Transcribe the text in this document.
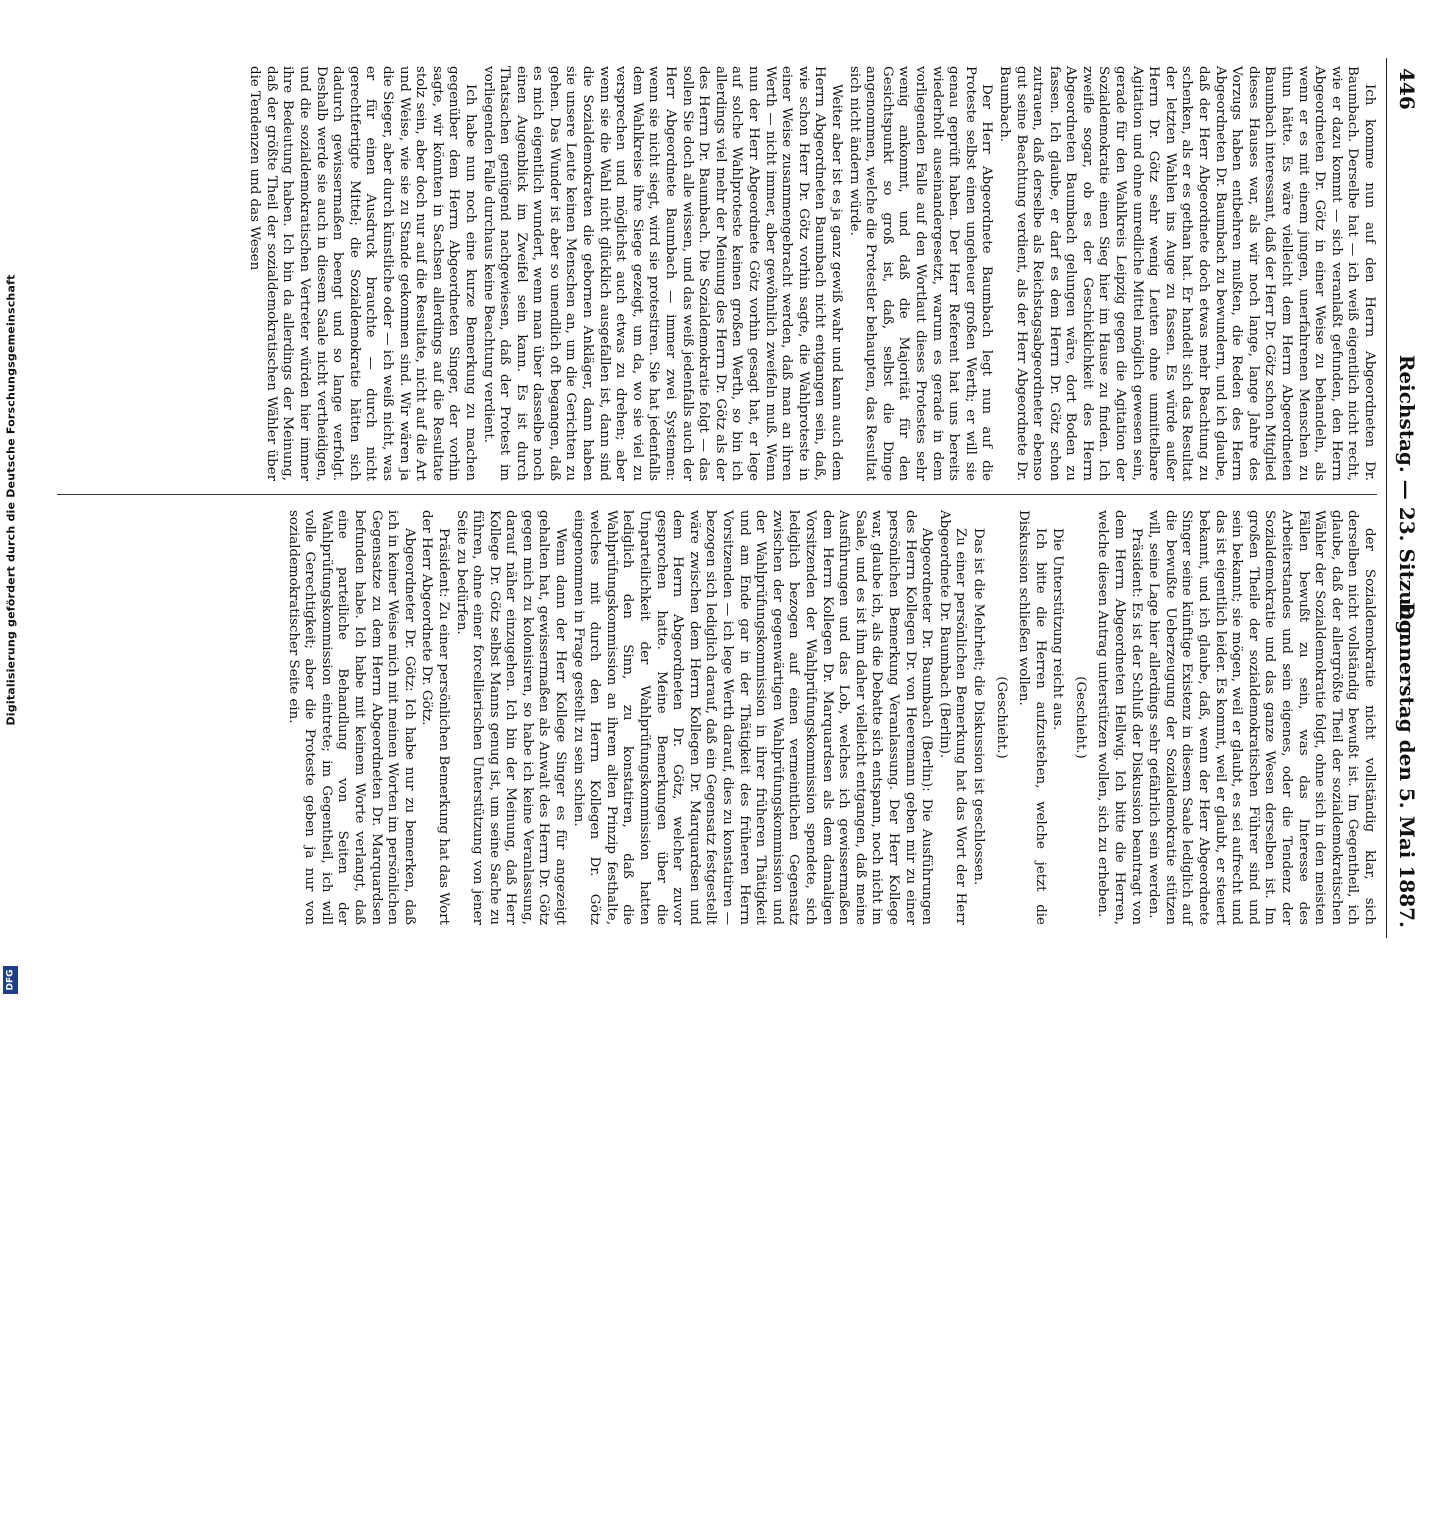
Digitalisierung gefördert durch die Deutsche Forschungsgemeinschaft
DFG
446
Reichstag. — 23. Sitzung.
Donnerstag den 5. Mai 1887.

Ich komme nun auf den Herrn Abgeordneten Dr. Baumbach. Derselbe hat — ich weiß eigentlich nicht recht, wie er dazu kommt — sich veranlaßt gefunden, den Herrn Abgeordneten Dr. Götz in einer Weise zu behandeln, als wenn er es mit einem jungen, unerfahrenen Menschen zu thun hätte. Es wäre vielleicht dem Herrn Abgeordneten Baumbach interessant, daß der Herr Dr. Götz schon Mitglied dieses Hauses war, als wir noch lange, lange Jahre des Vorzugs haben entbehren mußten, die Reden des Herrn Abgeordneten Dr. Baumbach zu bewundern, und ich glaube, daß der Herr Abgeordnete doch etwas mehr Beachtung zu schenken, als er es gethan hat. Er handelt sich das Resultat der letzten Wahlen ins Auge zu fassen. Es würde außer Herrn Dr. Götz sehr wenig Leuten ohne unmittelbare Agitation und ohne unredliche Mittel möglich gewesen sein, gerade für den Wahlkreis Leipzig gegen die Agitation der Sozialdemokratie einen Sieg hier im Hause zu finden. Ich zweifle sogar, ob es der Geschicklichkeit des Herrn Abgeordneten Baumbach gelungen wäre, dort Boden zu fassen. Ich glaube, er darf es dem Herrn Dr. Götz schon zutrauen, daß derselbe als Reichstagsabgeordneter ebenso gut seine Beachtung verdient, als der Herr Abgeordnete Dr. Baumbach.

Der Herr Abgeordnete Baumbach legt nun auf die Proteste selbst einen ungeheuer großen Werth; er will sie genau geprüft haben. Der Herr Referent hat uns bereits wiederholt auseinandergesetzt, warum es gerade in dem vorliegenden Falle auf den Wortlaut dieses Protestes sehr wenig ankommt, und daß die Majorität für den Gesichtspunkt so groß ist, daß, selbst die Dinge angenommen, welche die Protestler behaupten, das Resultat sich nicht ändern würde.

Weiter aber ist es ja ganz gewiß wahr und kann auch dem Herrn Abgeordneten Baumbach nicht entgangen sein, daß, wie schon Herr Dr. Götz vorhin sagte, die Wahlproteste in einer Weise zusammengebracht werden, daß man an ihren Werth — nicht immer, aber gewöhnlich zweifeln muß. Wenn nun der Herr Abgeordnete Götz vorhin gesagt hat, er lege auf solche Wahlproteste keinen großen Werth, so bin ich allerdings viel mehr der Meinung des Herrn Dr. Götz als der des Herrn Dr. Baumbach. Die Sozialdemokratie folgt — das sollen Sie doch alle wissen, und das weiß jedenfalls auch der Herr Abgeordnete Baumbach — immer zwei Systemen: wenn sie nicht siegt, wird sie protestiren. Sie hat jedenfalls dem Wahlkreise ihre Siege gezeigt, um da, wo sie viel zu versprechen und möglichst auch etwas zu drehen; aber wenn sie die Wahl nicht glücklich ausgefallen ist, dann sind die Sozialdemokraten die gebornen Ankläger, dann haben sie unsere Leute keinen Menschen an, um die Gerichten zu gehen. Das Wunder ist aber so unendlich oft begangen, daß es mich eigentlich wundert, wenn man über dasselbe noch einen Augenblick im Zweifel sein kann. Es ist durch Thatsachen genügend nachgewiesen, daß der Protest im vorliegenden Falle durchaus keine Beachtung verdient.

Ich habe nun noch eine kurze Bemerkung zu machen gegenüber dem Herrn Abgeordneten Singer, der vorhin sagte, wir könnten in Sachsen allerdings auf die Resultate stolz sein, aber doch nur auf die Resultate, nicht auf die Art und Weise, wie sie zu Stande gekommen sind. Wir wären ja die Sieger, aber durch künstliche oder — ich weiß nicht, was er für einen Ausdruck brauchte — durch nicht gerechtfertigte Mittel; die Sozialdemokratie hätten sich dadurch gewissermaßen beengt und so lange verfolgt. Deshalb werde sie auch in diesem Saale nicht vertheidigen, und die sozialdemokratischen Vertreter würden hier immer ihre Bedeutung haben. Ich bin da allerdings der Meinung, daß der größte Theil der sozialdemokratischen Wähler über die Tendenzen und das Wesen

der Sozialdemokratie nicht vollständig klar, sich derselben nicht vollständig bewußt ist. Im Gegentheil, ich glaube, daß der allergrößte Theil der sozialdemokratischen Wähler der Sozialdemokratie folgt, ohne sich in den meisten Fällen bewußt zu sein, was das Interesse des Arbeiterstandes und sein eigenes, oder die Tendenz der Sozialdemokratie und das ganze Wesen derselben ist. Im großen Theile der sozialdemokratischen Führer sind und sein bekannt; sie mögen, weil er glaubt, es sei aufrecht und das ist eigentlich leider. Es kommt, weil er glaubt, er steuert bekannt, und ich glaube, daß, wenn der Herr Abgeordnete Singer seine künftige Existenz in diesem Saale lediglich auf die bewußte Ueberzeugung der Sozialdemokratie stützen will, seine Lage hier allerdings sehr gefährlich sein werden.

Präsident: Es ist der Schluß der Diskussion beantragt von dem Herrn Abgeordneten Hellwig. Ich bitte die Herren, welche diesen Antrag unterstützen wollen, sich zu erheben.

(Geschieht.)

Die Unterstützung reicht aus.

Ich bitte die Herren aufzustehen, welche jetzt die Diskussion schließen wollen.

(Geschieht.)

Das ist die Mehrheit; die Diskussion ist geschlossen.

Zu einer persönlichen Bemerkung hat das Wort der Herr Abgeordnete Dr. Baumbach (Berlin).

Abgeordneter Dr. Baumbach (Berlin): Die Ausführungen des Herrn Kollegen Dr. von Heeremann geben mir zu einer persönlichen Bemerkung Veranlassung. Der Herr Kollege war, glaube ich, als die Debatte sich entspann, noch nicht im Saale, und es ist ihm daher vielleicht entgangen, daß meine Ausführungen und das Lob, welches ich gewissermaßen dem Herrn Kollegen Dr. Marquardsen als dem damaligen Vorsitzenden der Wahlprüfungskommission spendete, sich lediglich bezogen auf einen vermeintlichen Gegensatz zwischen der gegenwärtigen Wahlprüfungskommission und der Wahlprüfungskommission in ihrer früheren Thätigkeit und am Ende gar in der Thätigkeit des früheren Herrn Vorsitzenden — ich lege Werth darauf, dies zu konstatiren — bezogen sich lediglich darauf, daß ein Gegensatz festgestellt wäre zwischen dem Herrn Kollegen Dr. Marquardsen und dem Herrn Abgeordneten Dr. Götz, welcher zuvor gesprochen hatte. Meine Bemerkungen über die Unparteilichkeit der Wahlprüfungskommission hatten lediglich den Sinn, zu konstatiren, daß die Wahlprüfungskommission an ihrem alten Prinzip festhalte, welches mit durch den Herrn Kollegen Dr. Götz eingenommen in Frage gestellt zu sein schien.

Wenn dann der Herr Kollege Singer es für angezeigt gehalten hat, gewissermaßen als Anwalt des Herrn Dr. Götz gegen mich zu kolonisiren, so habe ich keine Veranlassung, darauf näher einzugehen. Ich bin der Meinung, daß Herr Kollege Dr. Götz selbst Manns genug ist, um seine Sache zu führen, ohne einer forcellierischen Unterstützung von jener Seite zu bedürfen.

Präsident: Zu einer persönlichen Bemerkung hat das Wort der Herr Abgeordnete Dr. Götz.

Abgeordneter Dr. Götz: Ich habe nur zu bemerken, daß ich in keiner Weise mich mit meinen Worten im persönlichen Gegensatze zu dem Herrn Abgeordneten Dr. Marquardsen befunden habe. Ich habe mit keinem Worte verlangt, daß eine parteiliche Behandlung von Seiten der Wahlprüfungskommission eintrete; im Gegentheil, ich will volle Gerechtigkeit; aber die Proteste geben ja nur von sozialdemokratischer Seite ein.
